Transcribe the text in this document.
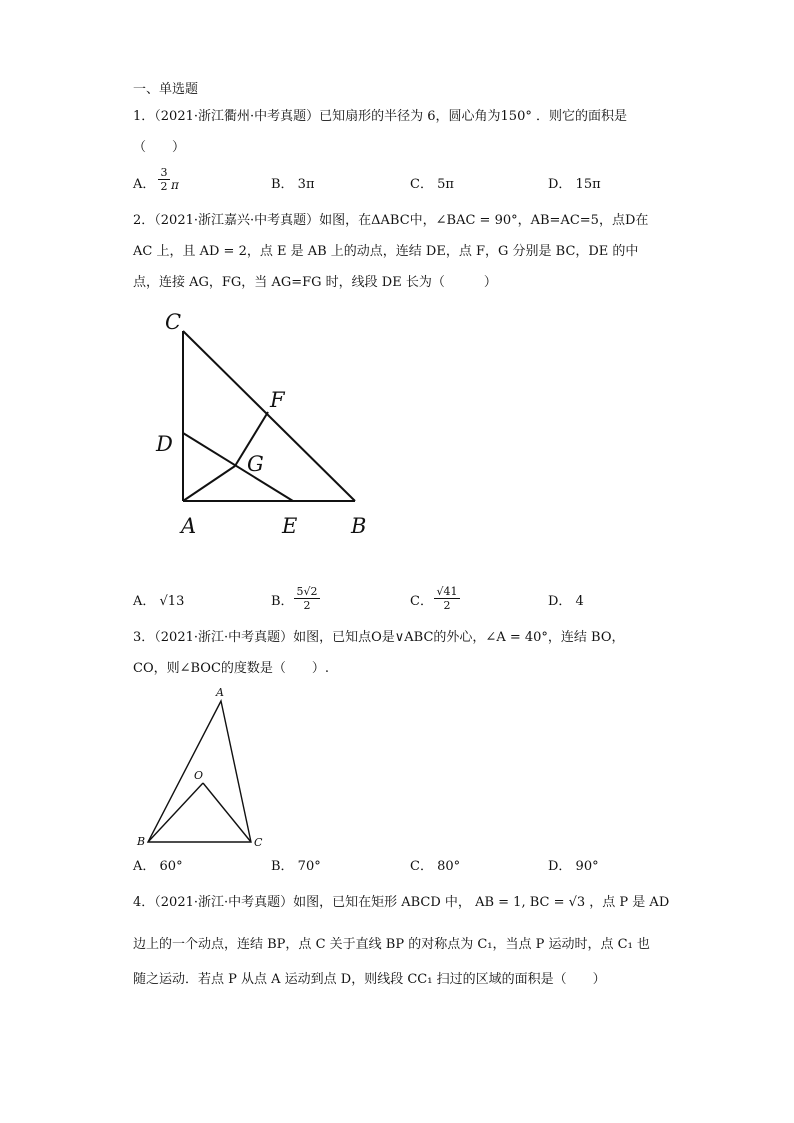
一、单选题
1．（2021·浙江衢州·中考真题）已知扇形的半径为 6，圆心角为150° ．则它的面积是
（　　）
A． $\frac{3}{2}$ π	B． 3π	C． 5π	D． 15π
2．（2021·浙江嘉兴·中考真题）如图，在ΔABC中，∠BAC = 90°，AB=AC=5，点D在
AC 上，且 AD = 2，点 E 是 AB 上的动点，连结 DE，点 F，G 分别是 BC，DE 的中
点，连接 AG，FG，当 AG=FG 时，线段 DE 长为（　　　）
C
D
F
G
A	E	B
A． √13	B． $\frac{5√2}{2}$	C． $\frac{√41}{2}$	D． 4
3．（2021·浙江·中考真题）如图，已知点O是∨ABC的外心，∠A = 40°，连结 BO，
CO，则∠BOC的度数是（　　）.
A
O
B	C
A． 60°	B． 70°	C． 80°	D． 90°
4．（2021·浙江·中考真题）如图，已知在矩形 ABCD 中， AB = 1, BC = √3 ，点 P 是 AD
边上的一个动点，连结 BP，点 C 关于直线 BP 的对称点为 C₁，当点 P 运动时，点 C₁ 也
随之运动．若点 P 从点 A 运动到点 D，则线段 CC₁ 扫过的区域的面积是（　　）
